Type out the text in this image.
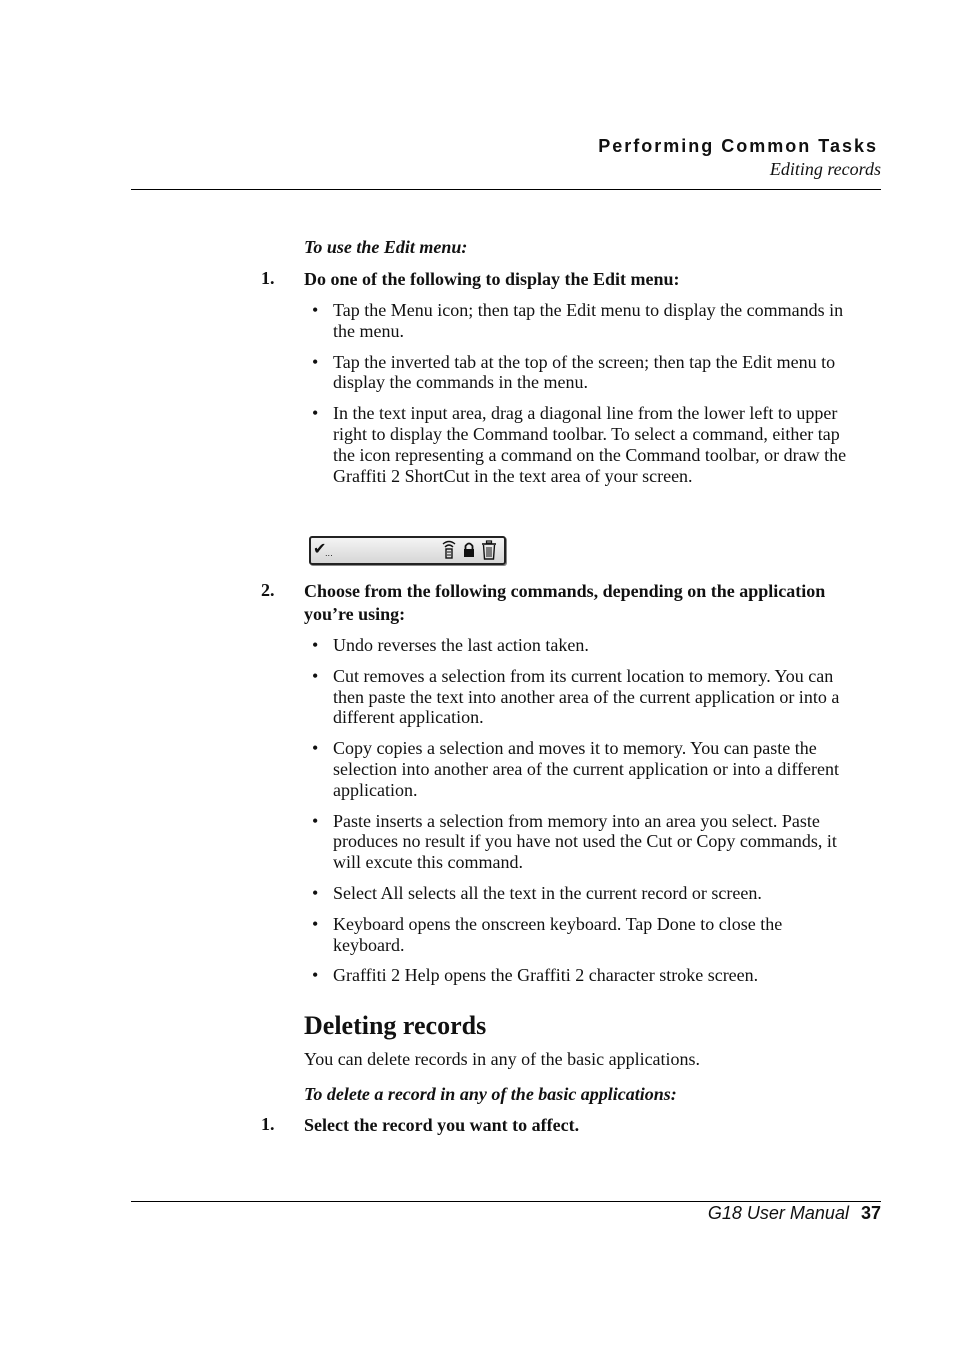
Performing Common Tasks
Editing records
To use the Edit menu:
1. Do one of the following to display the Edit menu:
• Tap the Menu icon; then tap the Edit menu to display the commands in the menu.
• Tap the inverted tab at the top of the screen; then tap the Edit menu to display the commands in the menu.
• In the text input area, drag a diagonal line from the lower left to upper right to display the Command toolbar. To select a command, either tap the icon representing a command on the Command toolbar, or draw the Graffiti 2 ShortCut in the text area of your screen.
✔
...
2. Choose from the following commands, depending on the application you’re using:
• Undo reverses the last action taken.
• Cut removes a selection from its current location to memory. You can then paste the text into another area of the current application or into a different application.
• Copy copies a selection and moves it to memory. You can paste the selection into another area of the current application or into a different application.
• Paste inserts a selection from memory into an area you select. Paste produces no result if you have not used the Cut or Copy commands, it will excute this command.
• Select All selects all the text in the current record or screen.
• Keyboard opens the onscreen keyboard. Tap Done to close the keyboard.
• Graffiti 2 Help opens the Graffiti 2 character stroke screen.
Deleting records
You can delete records in any of the basic applications.
To delete a record in any of the basic applications:
1. Select the record you want to affect.
G18 User Manual 37
